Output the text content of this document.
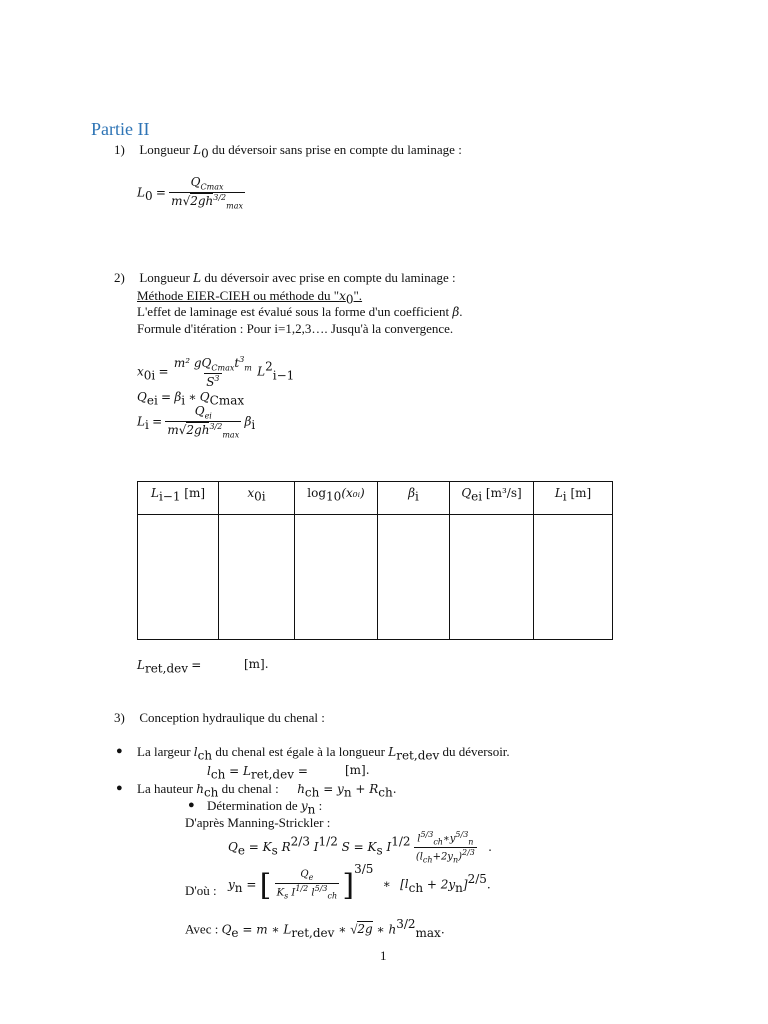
Partie II
1) Longueur $L_0$ du déversoir sans prise en compte du laminage :
$L_0 = \frac{Q_{Cmax}}{m√2gh^{3/2}_{max}}$
2) Longueur L du déversoir avec prise en compte du laminage :
Méthode EIER-CIEH ou méthode du "$x_0$".
L'effet de laminage est évalué sous la forme d'un coefficient β.
Formule d'itération : Pour i=1,2,3…. Jusqu'à la convergence.
$x_{0i} = \frac{m^2 gQ_{Cmax}t^3_m}{S^3} L^2_{i-1}$
$Q_{ei} = \beta_i$ ∗ $Q_{Cmax}$
$L_i = \frac{Q_{ei}}{m√2gh^{3/2}_{max}} \beta_i$
$L_{i-1}$ [m]	$x_{0i}$	$\log_{10}(x_0ᵢ)$	$\beta_i$	$Q_{ei}$ [m³/s]	$L_i$ [m]

$L_{ret,dev}$ =	[m].
3) Conception hydraulique du chenal :
● La largeur $l_{ch}$ du chenal est égale à la longueur $L_{ret,dev}$ du déversoir.
$l_{ch} = L_{ret,dev}$ =	[m].
● La hauteur $h_{ch}$ du chenal : $h_{ch} = y_n + R_{ch}$.
● Détermination de $y_n$ :
D'après Manning-Strickler :
$Q_e = K_s$ $R^{2/3}$ $I^{1/2}$ $S = K_s$ $I^{1/2} \frac{l^{5/3}_{ch}∗y^{5/3}_n}{(l_{ch}+2y_n)^{2/3}}$ .
D'où : $y_n$ = [ $\frac{Q_e}{K_s I^{1/2} l^{5/3}_{ch}} ]^{3/5}$ ∗ $[l_{ch} + 2y_n]^{2/5}$.
Avec : $Q_e = m$ ∗ $L_{ret,dev}$ ∗ √2g ∗ $h^{3/2}_{max}$.
1
